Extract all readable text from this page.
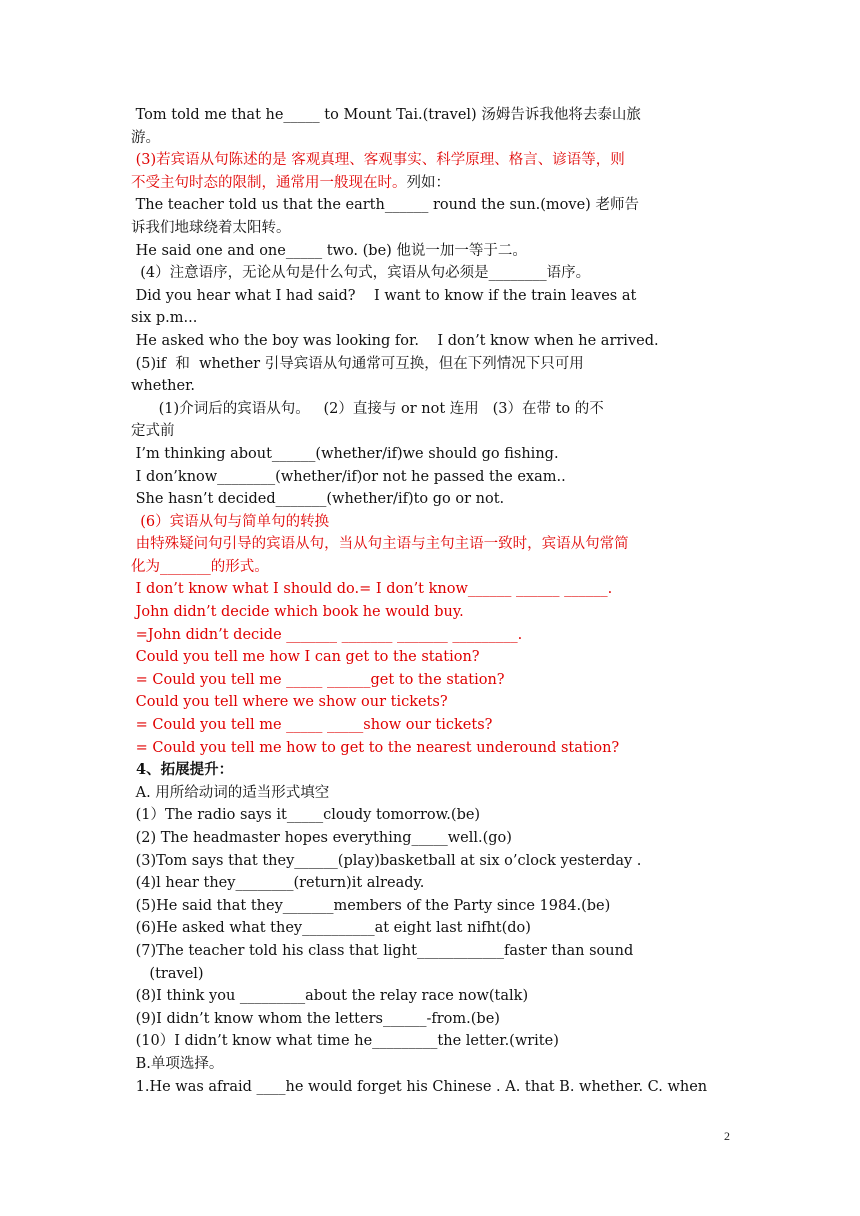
Tom told me that he_____ to Mount Tai.(travel) 汤姆告诉我他将去泰山旅
游。
(3)若宾语从句陈述的是 客观真理、客观事实、科学原理、格言、谚语等，则
不受主句时态的限制，通常用一般现在时。列如：
The teacher told us that the earth______ round the sun.(move) 老师告
诉我们地球绕着太阳转。
He said one and one_____ two. (be) 他说一加一等于二。
(4）注意语序，无论从句是什么句式，宾语从句必须是________语序。
Did you hear what I had said?    I want to know if the train leaves at
six p.m...
He asked who the boy was looking for.    I don’t know when he arrived.
(5)if  和  whether 引导宾语从句通常可互换，但在下列情况下只可用
whether.
(1)介词后的宾语从句。   (2）直接与 or not 连用   (3）在带 to 的不
定式前
I’m thinking about______(whether/if)we should go fishing.
I don’know________(whether/if)or not he passed the exam..
She hasn’t decided_______(whether/if)to go or not.
(6）宾语从句与简单句的转换
由特殊疑问句引导的宾语从句，当从句主语与主句主语一致时，宾语从句常简
化为_______的形式。
I don’t know what I should do.= I don’t know______ ______ ______.
John didn’t decide which book he would buy.
=John didn’t decide _______ _______ _______ _________.
Could you tell me how I can get to the station?
= Could you tell me _____ ______get to the station?
Could you tell where we show our tickets?
= Could you tell me _____ _____show our tickets?
= Could you tell me how to get to the nearest underound station?
4、拓展提升：
A. 用所给动词的适当形式填空
(1）The radio says it_____cloudy tomorrow.(be)
(2) The headmaster hopes everything_____well.(go)
(3)Tom says that they______(play)basketball at six o’clock yesterday .
(4)l hear they________(return)it already.
(5)He said that they_______members of the Party since 1984.(be)
(6)He asked what they__________at eight last nifht(do)
(7)The teacher told his class that light____________faster than sound
(travel)
(8)I think you _________about the relay race now(talk)
(9)I didn’t know whom the letters______-from.(be)
(10）I didn’t know what time he_________the letter.(write)
B.单项选择。
1.He was afraid ____he would forget his Chinese . A. that B. whether. C. when
2
